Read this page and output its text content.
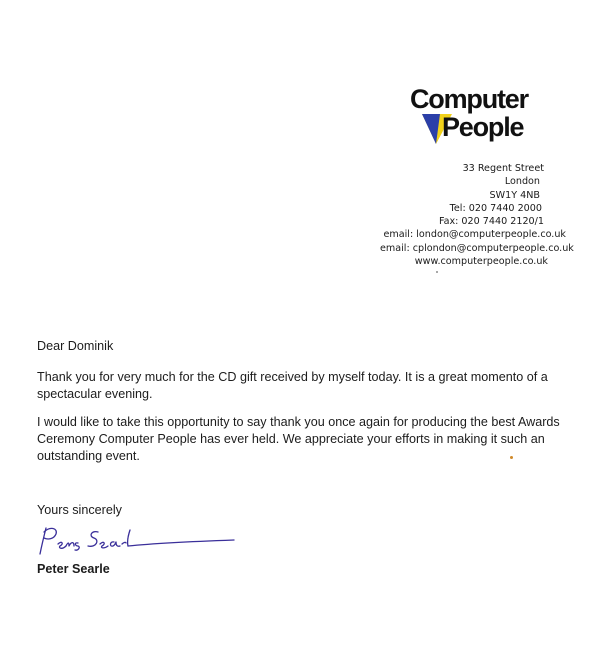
Computer
People
33 Regent Street
London
SW1Y 4NB
Tel: 020 7440 2000
Fax: 020 7440 2120/1
email: london@computerpeople.co.uk
email: cplondon@computerpeople.co.uk
www.computerpeople.co.uk
Dear Dominik
Thank you for very much for the CD gift received by myself today. It is a great momento of a spectacular evening.
I would like to take this opportunity to say thank you once again for producing the best Awards Ceremony Computer People has ever held. We appreciate your efforts in making it such an outstanding event.
Yours sincerely
Peter Searle
